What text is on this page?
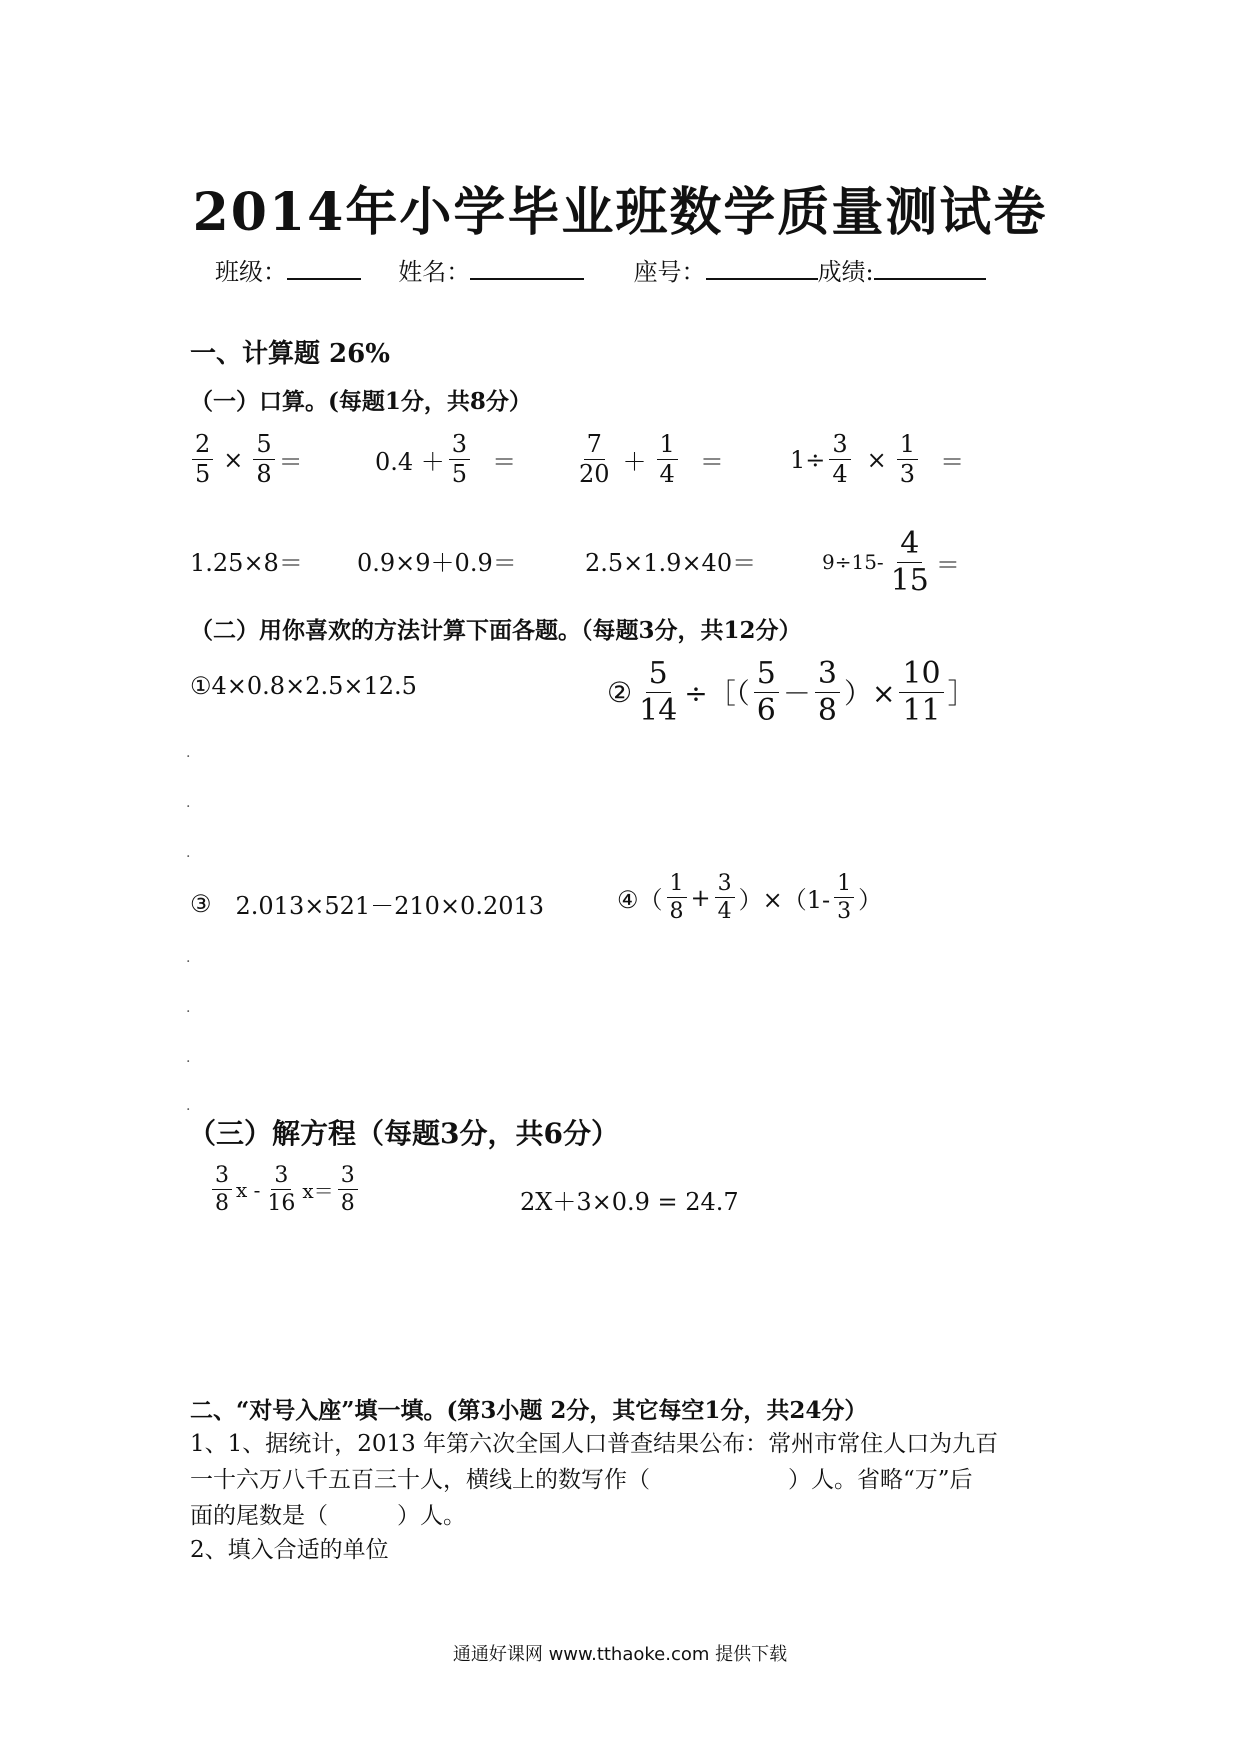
2014年小学毕业班数学质量测试卷
班级：	姓名：	座号：	成绩:
一、计算题 26%
（一）口算。(每题1分，共8分）
$\frac{2}{5} \times \frac{5}{8}$ ＝	$0.4 + \frac{3}{5} = \frac{7}{20} + \frac{1}{4}$ ＝	$1\div \frac{3}{4} \times \frac{1}{3}$ ＝
1.25×8＝ 0.9×9＋0.9＝	2.5×1.9×40＝	$9\div 15- \frac{4}{15}$ ＝
（二）用你喜欢的方法计算下面各题。（每题3分，共12分）
①4×0.8×2.5×12.5	② $\frac{5}{14}$ ÷［（ $\frac{5}{6} - \frac{3}{8}$ ）× $\frac{10}{11}$ ］
.
.
.
③ 2.013×521－210×0.2013	④（ $\frac{1}{8} + \frac{3}{4} )\times(1- \frac{1}{3}$ ）
.
.
.
.
（三）解方程（每题3分，共6分）
$\frac{3}{8}$ $x - \frac{3}{16} x= \frac{3}{8}$	2X＋3×0.9 = 24.7
二、“对号入座”填一填。(第3小题 2分，其它每空1分，共24分）
1、1、据统计，2013 年第六次全国人口普查结果公布：常州市常住人口为九百
一十六万八千五百三十人，横线上的数写作（　　　　　　）人。省略“万”后
面的尾数是（　　　）人。
2、填入合适的单位
通通好课网 www.tthaoke.com 提供下载
